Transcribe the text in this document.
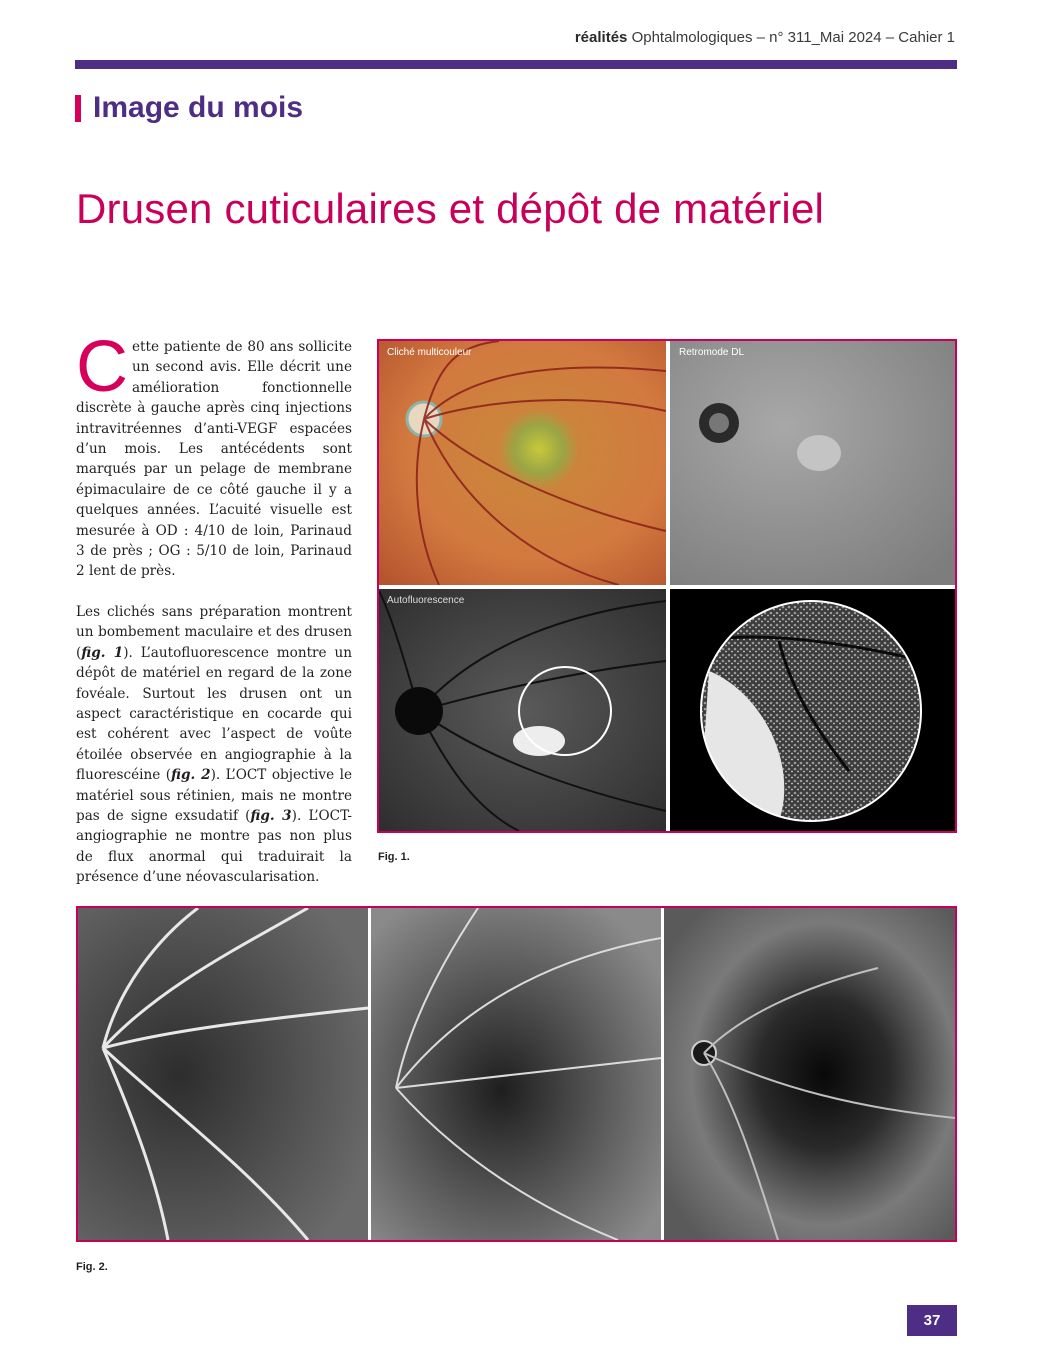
réalités Ophtalmologiques – n° 311_Mai 2024 – Cahier 1
Image du mois
Drusen cuticulaires et dépôt de matériel

Cette patiente de 80 ans sollicite un second avis. Elle décrit une amélioration fonctionnelle discrète à gauche après cinq injections intravitréennes d’anti-VEGF espacées d’un mois. Les antécédents sont marqués par un pelage de membrane épimaculaire de ce côté gauche il y a quelques années. L’acuité visuelle est mesurée à OD : 4/10 de loin, Parinaud 3 de près ; OG : 5/10 de loin, Parinaud 2 lent de près.

Les clichés sans préparation montrent un bombement maculaire et des drusen (fig. 1). L’autofluorescence montre un dépôt de matériel en regard de la zone fovéale. Surtout les drusen ont un aspect caractéristique en cocarde qui est cohérent avec l’aspect de voûte étoilée observée en angiographie à la fluorescéine (fig. 2). L’OCT objective le matériel sous rétinien, mais ne montre pas de signe exsudatif (fig. 3). L’OCT-angiographie ne montre pas non plus de flux anormal qui traduirait la présence d’une néovascularisation.

Cliché multicouleur	Retromode DL
Autofluorescence
Fig. 1.
Fig. 2.
37
